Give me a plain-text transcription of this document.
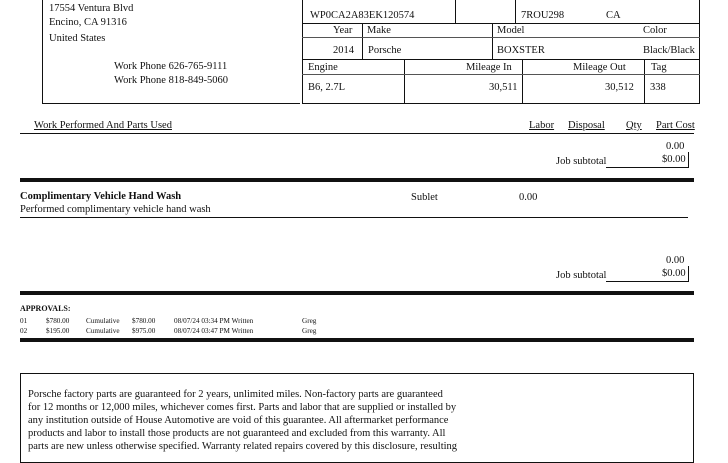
17554 Ventura Blvd
Encino, CA 91316
United States
Work Phone 626-765-9111
Work Phone 818-849-5060
WP0CA2A83EK120574	7ROU298	CA
Year Make	Model	Color
2014 Porsche	BOXSTER	Black/Black
Engine	Mileage In	Mileage Out Tag
B6, 2.7L	30,511	30,512 338
Work Performed And Parts Used	Labor Disposal Qty Part Cost
0.00
Job subtotal	$0.00
Complimentary Vehicle Hand Wash
Performed complimentary vehicle hand wash
Sublet	0.00
0.00
Job subtotal	$0.00
APPROVALS:
01	$780.00 Cumulative $780.00	08/07/24 03:34 PM Written	Greg
02	$195.00 Cumulative $975.00	08/07/24 03:47 PM Written	Greg
Porsche factory parts are guaranteed for 2 years, unlimited miles. Non-factory parts are guaranteed
for 12 months or 12,000 miles, whichever comes first. Parts and labor that are supplied or installed by
any institution outside of House Automotive are void of this guarantee. All aftermarket performance
products and labor to install those products are not guaranteed and excluded from this warranty. All
parts are new unless otherwise specified. Warranty related repairs covered by this disclosure, resulting
